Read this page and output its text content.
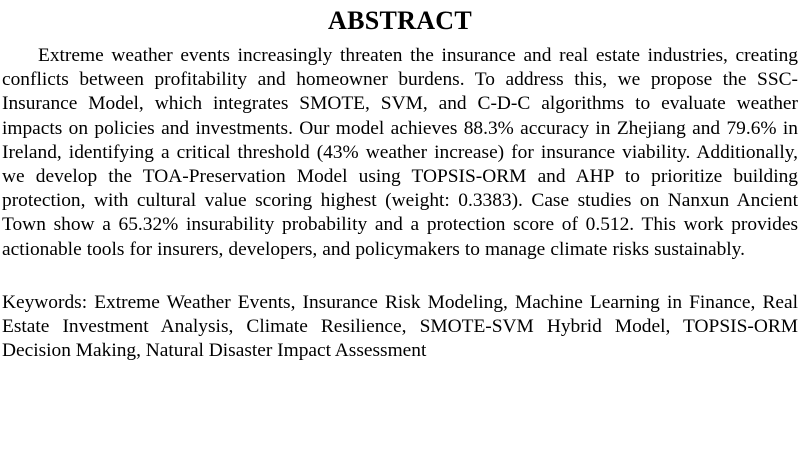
ABSTRACT

Extreme weather events increasingly threaten the insurance and real estate industries, creating conflicts between profitability and homeowner burdens. To address this, we propose the SSC-Insurance Model, which integrates SMOTE, SVM, and C-D-C algorithms to evaluate weather impacts on policies and investments. Our model achieves 88.3% accuracy in Zhejiang and 79.6% in Ireland, identifying a critical threshold (43% weather increase) for insurance viability. Additionally, we develop the TOA-Preservation Model using TOPSIS-ORM and AHP to prioritize building protection, with cultural value scoring highest (weight: 0.3383). Case studies on Nanxun Ancient Town show a 65.32% insurability probability and a protection score of 0.512. This work provides actionable tools for insurers, developers, and policymakers to manage climate risks sustainably.

Keywords: Extreme Weather Events, Insurance Risk Modeling, Machine Learning in Finance, Real Estate Investment Analysis, Climate Resilience, SMOTE-SVM Hybrid Model, TOPSIS-ORM Decision Making, Natural Disaster Impact Assessment
